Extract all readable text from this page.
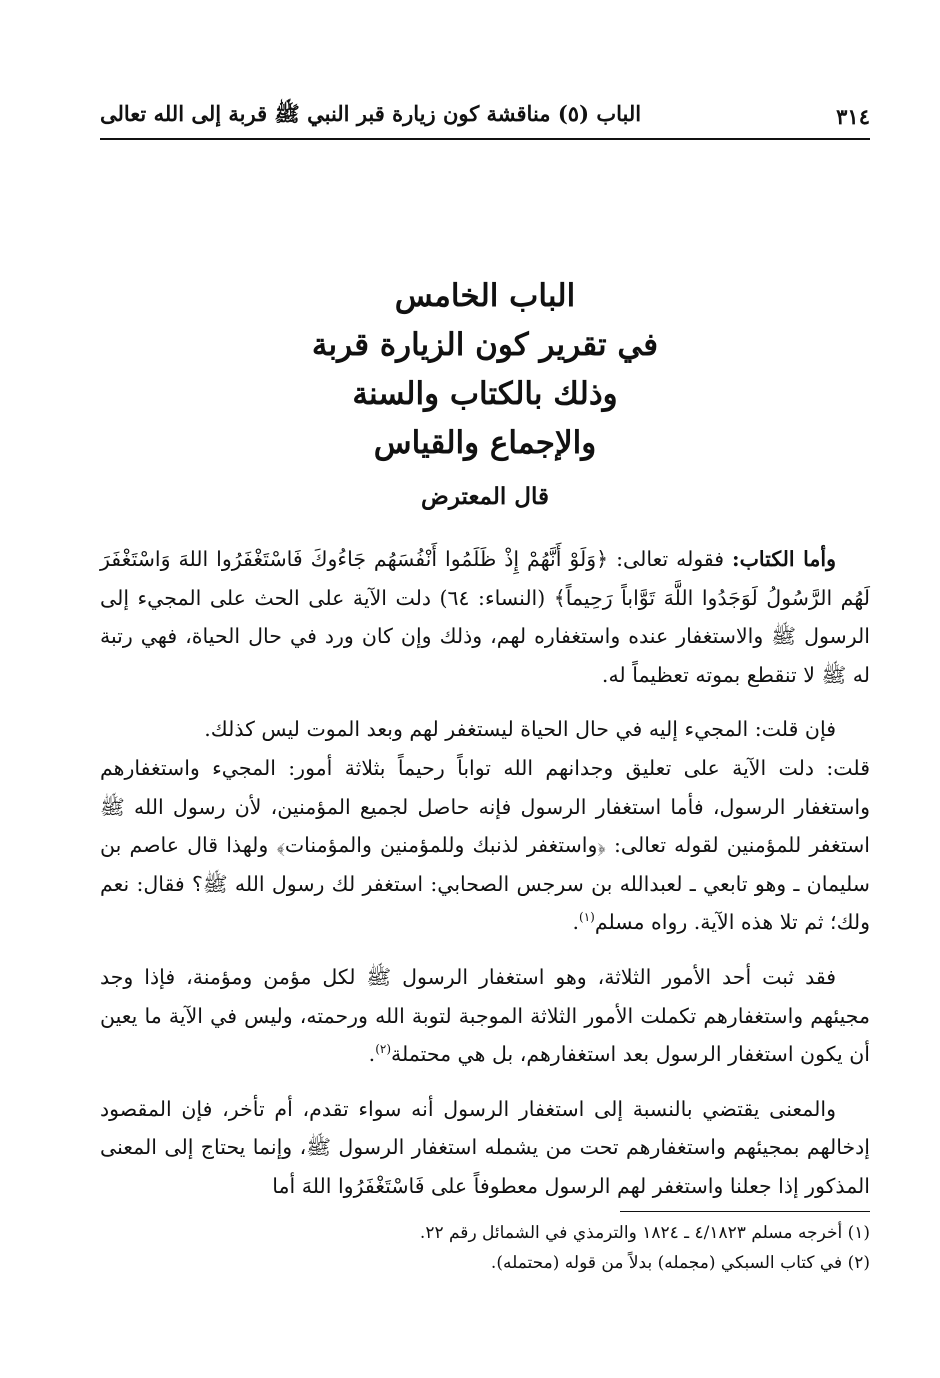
٣١٤
الباب (٥) مناقشة كون زيارة قبر النبي ﷺ قربة إلى الله تعالى
الباب الخامس
في تقرير كون الزيارة قربة
وذلك بالكتاب والسنة
والإجماع والقياس
قال المعترض

وأما الكتاب: فقوله تعالى: ﴿وَلَوْ أَنَّهُمْ إِذْ ظَلَمُوا أَنْفُسَهُم جَاءُوكَ فَاسْتَغْفَرُوا اللهَ وَاسْتَغْفَرَ لَهُم الرَّسُولُ لَوَجَدُوا اللَّهَ تَوَّاباً رَحِيماً﴾ (النساء: ٦٤) دلت الآية على الحث على المجيء إلى الرسول ﷺ والاستغفار عنده واستغفاره لهم، وذلك وإن كان ورد في حال الحياة، فهي رتبة له ﷺ لا تنقطع بموته تعظيماً له.

فإن قلت: المجيء إليه في حال الحياة ليستغفر لهم وبعد الموت ليس كذلك.

قلت: دلت الآية على تعليق وجدانهم الله تواباً رحيماً بثلاثة أمور: المجيء واستغفارهم واستغفار الرسول، فأما استغفار الرسول فإنه حاصل لجميع المؤمنين، لأن رسول الله ﷺ استغفر للمؤمنين لقوله تعالى: ﴿واستغفر لذنبك وللمؤمنين والمؤمنات﴾ ولهذا قال عاصم بن سليمان ـ وهو تابعي ـ لعبدالله بن سرجس الصحابي: استغفر لك رسول الله ﷺ؟ فقال: نعم ولك؛ ثم تلا هذه الآية. رواه مسلم$^{(١)}$.

فقد ثبت أحد الأمور الثلاثة، وهو استغفار الرسول ﷺ لكل مؤمن ومؤمنة، فإذا وجد مجيئهم واستغفارهم تكملت الأمور الثلاثة الموجبة لتوبة الله ورحمته، وليس في الآية ما يعين أن يكون استغفار الرسول بعد استغفارهم، بل هي محتملة$^{(٢)}$.

والمعنى يقتضي بالنسبة إلى استغفار الرسول أنه سواء تقدم، أم تأخر، فإن المقصود إدخالهم بمجيئهم واستغفارهم تحت من يشمله استغفار الرسول ﷺ، وإنما يحتاج إلى المعنى المذكور إذا جعلنا واستغفر لهم الرسول معطوفاً على فَاسْتَغْفَرُوا اللهَ أما

(١) أخرجه مسلم ٤/١٨٢٣ ـ ١٨٢٤ والترمذي في الشمائل رقم ٢٢.

(٢) في كتاب السبكي (مجمله) بدلاً من قوله (محتمله).
